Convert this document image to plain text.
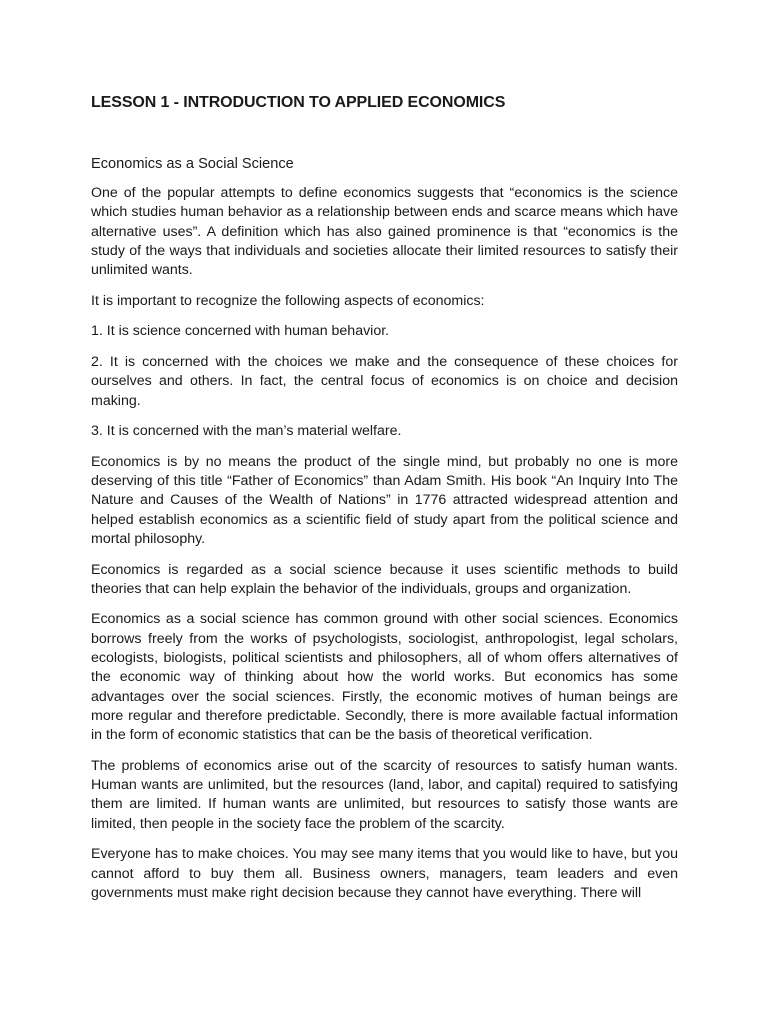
LESSON 1 - INTRODUCTION TO APPLIED ECONOMICS

Economics as a Social Science

One of the popular attempts to define economics suggests that “economics is the science which studies human behavior as a relationship between ends and scarce means which have alternative uses”. A definition which has also gained prominence is that “economics is the study of the ways that individuals and societies allocate their limited resources to satisfy their unlimited wants.

It is important to recognize the following aspects of economics:

1. It is science concerned with human behavior.

2. It is concerned with the choices we make and the consequence of these choices for ourselves and others. In fact, the central focus of economics is on choice and decision making.

3. It is concerned with the man’s material welfare.

Economics is by no means the product of the single mind, but probably no one is more deserving of this title “Father of Economics” than Adam Smith. His book “An Inquiry Into The Nature and Causes of the Wealth of Nations” in 1776 attracted widespread attention and helped establish economics as a scientific field of study apart from the political science and mortal philosophy.

Economics is regarded as a social science because it uses scientific methods to build theories that can help explain the behavior of the individuals, groups and organization.

Economics as a social science has common ground with other social sciences. Economics borrows freely from the works of psychologists, sociologist, anthropologist, legal scholars, ecologists, biologists, political scientists and philosophers, all of whom offers alternatives of the economic way of thinking about how the world works. But economics has some advantages over the social sciences. Firstly, the economic motives of human beings are more regular and therefore predictable. Secondly, there is more available factual information in the form of economic statistics that can be the basis of theoretical verification.

The problems of economics arise out of the scarcity of resources to satisfy human wants. Human wants are unlimited, but the resources (land, labor, and capital) required to satisfying them are limited. If human wants are unlimited, but resources to satisfy those wants are limited, then people in the society face the problem of the scarcity.

Everyone has to make choices. You may see many items that you would like to have, but you cannot afford to buy them all. Business owners, managers, team leaders and even governments must make right decision because they cannot have everything. There will
